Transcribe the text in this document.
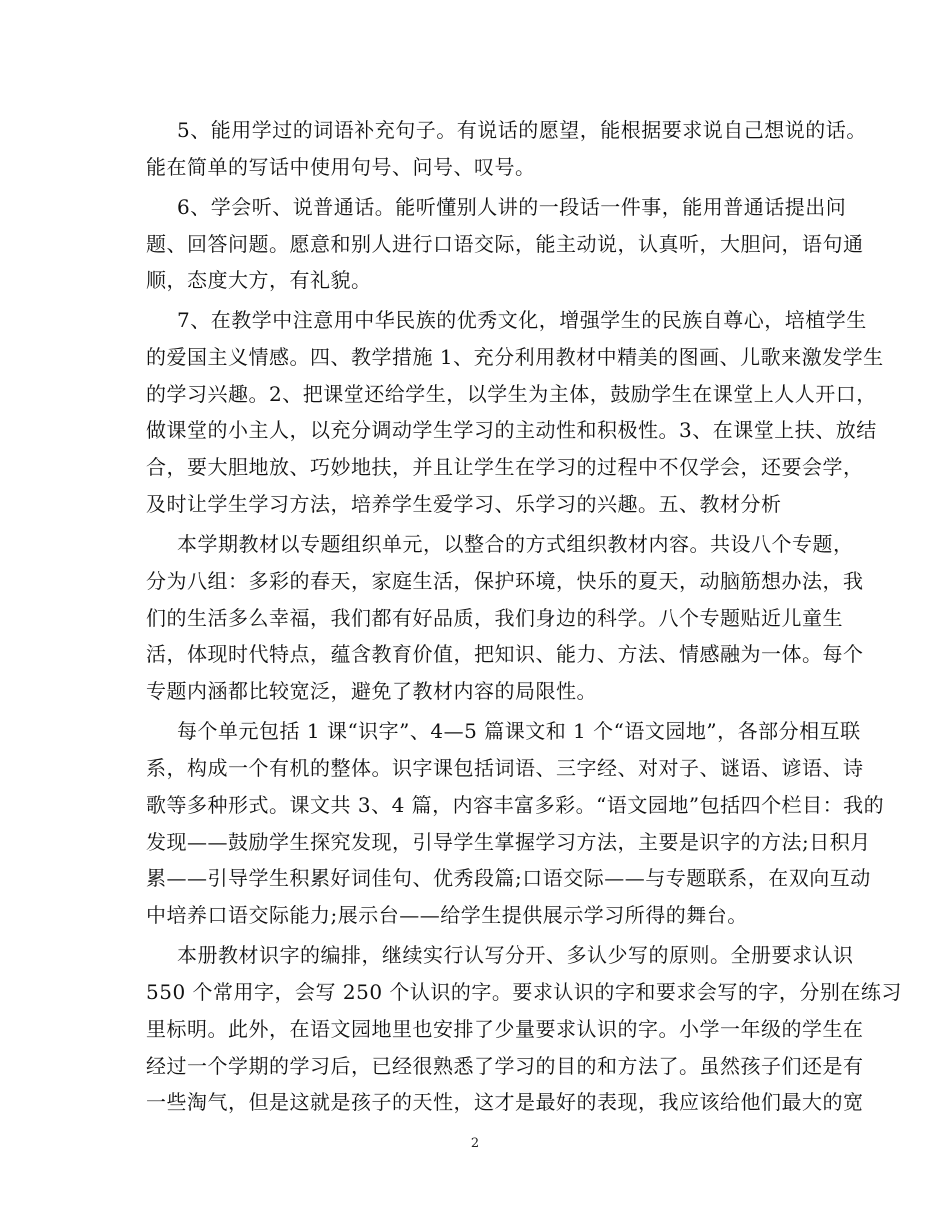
5、能用学过的词语补充句子。有说话的愿望，能根据要求说自己想说的话。
能在简单的写话中使用句号、问号、叹号。
6、学会听、说普通话。能听懂别人讲的一段话一件事，能用普通话提出问
题、回答问题。愿意和别人进行口语交际，能主动说，认真听，大胆问，语句通
顺，态度大方，有礼貌。
7、在教学中注意用中华民族的优秀文化，增强学生的民族自尊心，培植学生
的爱国主义情感。四、教学措施 1、充分利用教材中精美的图画、儿歌来激发学生
的学习兴趣。2、把课堂还给学生，以学生为主体，鼓励学生在课堂上人人开口，
做课堂的小主人，以充分调动学生学习的主动性和积极性。3、在课堂上扶、放结
合，要大胆地放、巧妙地扶，并且让学生在学习的过程中不仅学会，还要会学，
及时让学生学习方法，培养学生爱学习、乐学习的兴趣。五、教材分析
本学期教材以专题组织单元，以整合的方式组织教材内容。共设八个专题，
分为八组：多彩的春天，家庭生活，保护环境，快乐的夏天，动脑筋想办法，我
们的生活多么幸福，我们都有好品质，我们身边的科学。八个专题贴近儿童生
活，体现时代特点，蕴含教育价值，把知识、能力、方法、情感融为一体。每个
专题内涵都比较宽泛，避免了教材内容的局限性。
每个单元包括 1 课“识字”、4—5 篇课文和 1 个“语文园地”，各部分相互联
系，构成一个有机的整体。识字课包括词语、三字经、对对子、谜语、谚语、诗
歌等多种形式。课文共 3、4 篇，内容丰富多彩。“语文园地”包括四个栏目：我的
发现——鼓励学生探究发现，引导学生掌握学习方法，主要是识字的方法;日积月
累——引导学生积累好词佳句、优秀段篇;口语交际——与专题联系，在双向互动
中培养口语交际能力;展示台——给学生提供展示学习所得的舞台。
本册教材识字的编排，继续实行认写分开、多认少写的原则。全册要求认识
550 个常用字，会写 250 个认识的字。要求认识的字和要求会写的字，分别在练习
里标明。此外，在语文园地里也安排了少量要求认识的字。小学一年级的学生在
经过一个学期的学习后，已经很熟悉了学习的目的和方法了。虽然孩子们还是有
一些淘气，但是这就是孩子的天性，这才是最好的表现，我应该给他们最大的宽
2
